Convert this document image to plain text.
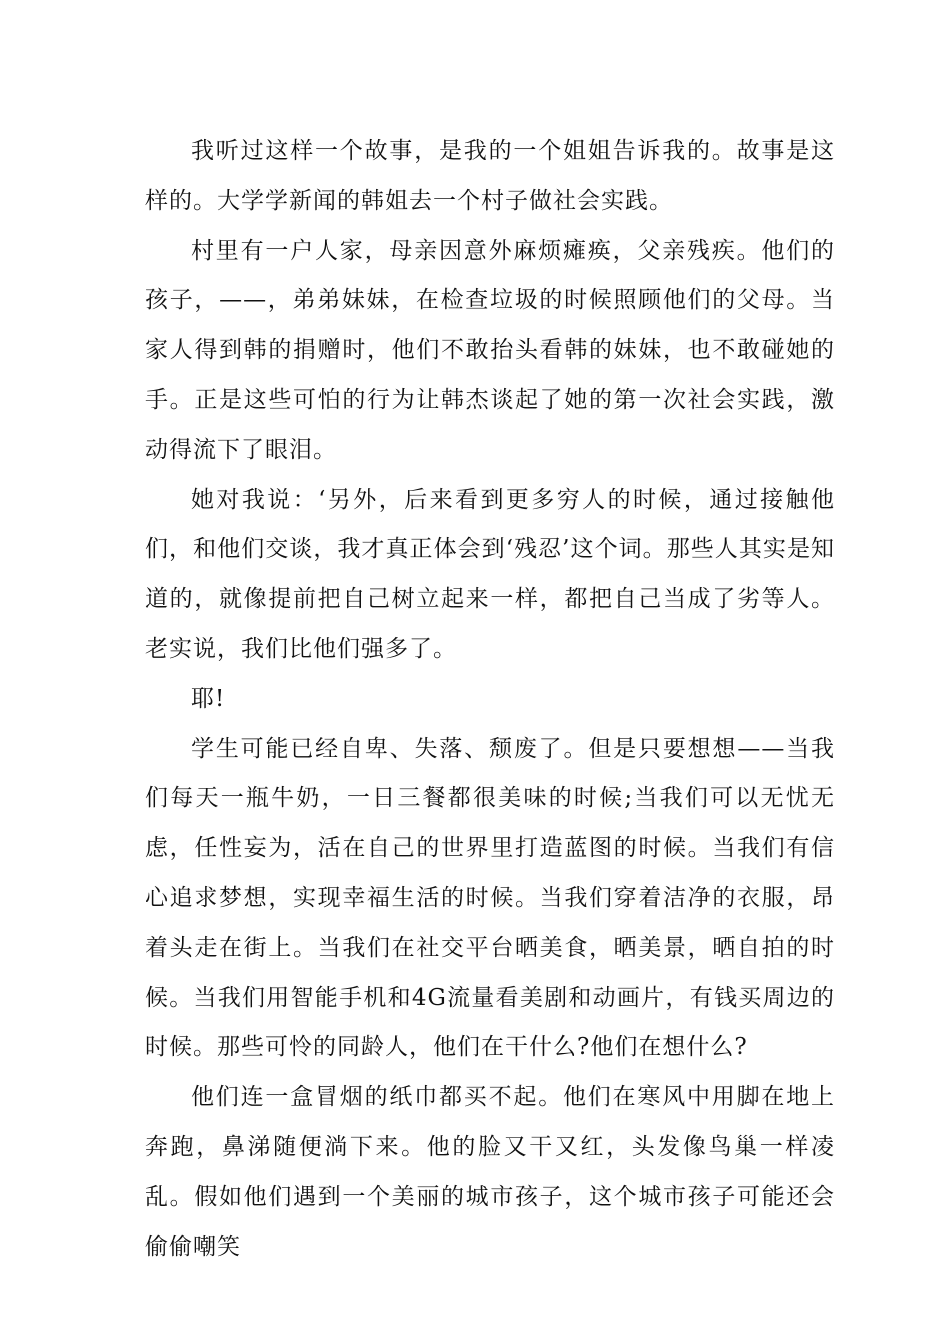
我听过这样一个故事，是我的一个姐姐告诉我的。故事是这样的。大学学新闻的韩姐去一个村子做社会实践。

村里有一户人家，母亲因意外麻烦瘫痪，父亲残疾。他们的孩子，——，弟弟妹妹，在检查垃圾的时候照顾他们的父母。当家人得到韩的捐赠时，他们不敢抬头看韩的妹妹，也不敢碰她的手。正是这些可怕的行为让韩杰谈起了她的第一次社会实践，激动得流下了眼泪。

她对我说：‘另外，后来看到更多穷人的时候，通过接触他们，和他们交谈，我才真正体会到‘残忍’这个词。那些人其实是知道的，就像提前把自己树立起来一样，都把自己当成了劣等人。老实说，我们比他们强多了。

耶!

学生可能已经自卑、失落、颓废了。但是只要想想——当我们每天一瓶牛奶，一日三餐都很美味的时候;当我们可以无忧无虑，任性妄为，活在自己的世界里打造蓝图的时候。当我们有信心追求梦想，实现幸福生活的时候。当我们穿着洁净的衣服，昂着头走在街上。当我们在社交平台晒美食，晒美景，晒自拍的时候。当我们用智能手机和4G流量看美剧和动画片，有钱买周边的时候。那些可怜的同龄人，他们在干什么?他们在想什么?

他们连一盒冒烟的纸巾都买不起。他们在寒风中用脚在地上奔跑，鼻涕随便淌下来。他的脸又干又红，头发像鸟巢一样凌乱。假如他们遇到一个美丽的城市孩子，这个城市孩子可能还会偷偷嘲笑
